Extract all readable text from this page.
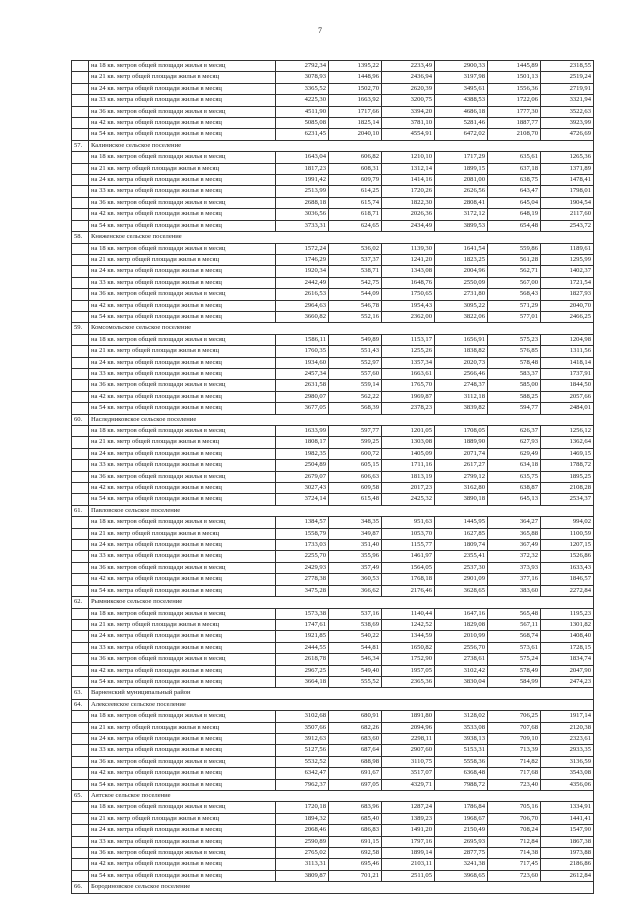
7
	на 18 кв. метров общей площади жилья в месяц	2792,34	1395,22	2233,49	2900,33	1445,89	2318,55
	на 21 кв. метр общей площади жилья в месяц	3078,93	1448,96	2436,94	3197,98	1501,13	2519,24
	на 24 кв. метра общей площади жилья в месяц	3365,52	1502,70	2620,39	3495,61	1556,36	2719,91
	на 33 кв. метра общей площади жилья в месяц	4225,30	1663,92	3200,75	4388,53	1722,06	3321,94
	на 36 кв. метров общей площади жилья в месяц	4511,90	1717,66	3394,20	4686,18	1777,30	3522,63
	на 42 кв. метра общей площади жилья в месяц	5085,08	1825,14	3781,10	5281,46	1887,77	3923,99
	на 54 кв. метра общей площади жилья в месяц	6231,45	2040,10	4554,91	6472,02	2108,70	4726,69
57.	Калиниское сельское поселение						
	на 18 кв. метров общей площади жилья в месяц	1643,04	606,82	1210,10	1717,29	635,61	1265,36
	на 21 кв. метр общей площади жилья в месяц	1817,23	608,31	1312,14	1899,15	637,18	1371,89
	на 24 кв. метра общей площади жилья в месяц	1991,42	609,79	1414,16	2081,00	638,75	1478,41
	на 33 кв. метра общей площади жилья в месяц	2513,99	614,25	1720,26	2626,56	643,47	1798,01
	на 36 кв. метров общей площади жилья в месяц	2688,18	615,74	1822,30	2808,41	645,04	1904,54
	на 42 кв. метра общей площади жилья в месяц	3036,56	618,71	2026,36	3172,12	648,19	2117,60
	на 54 кв. метра общей площади жилья в месяц	3733,31	624,65	2434,49	3899,53	654,48	2543,72
58.	Княженское сельское поселение						
	на 18 кв. метров общей площади жилья в месяц	1572,24	536,02	1139,30	1641,54	559,86	1189,61
	на 21 кв. метр общей площади жилья в месяц	1746,29	537,37	1241,20	1823,25	561,28	1295,99
	на 24 кв. метра общей площади жилья в месяц	1920,34	538,71	1343,08	2004,96	562,71	1402,37
	на 33 кв. метра общей площади жилья в месяц	2442,49	542,75	1648,76	2550,09	567,00	1721,54
	на 36 кв. метров общей площади жилья в месяц	2616,53	544,09	1750,65	2731,80	568,43	1827,93
	на 42 кв. метра общей площади жилья в месяц	2964,63	546,78	1954,43	3095,22	571,29	2040,70
	на 54 кв. метра общей площади жилья в месяц	3660,82	552,16	2362,00	3822,06	577,01	2466,25
59.	Комсомольское сельское поселение						
	на 18 кв. метров общей площади жилья в месяц	1586,11	549,89	1153,17	1656,91	575,23	1204,98
	на 21 кв. метр общей площади жилья в месяц	1760,35	551,43	1255,26	1838,82	576,85	1311,56
	на 24 кв. метра общей площади жилья в месяц	1934,60	552,97	1357,34	2020,73	578,48	1418,14
	на 33 кв. метра общей площади жилья в месяц	2457,34	557,60	1663,61	2566,46	583,37	1737,91
	на 36 кв. метров общей площади жилья в месяц	2631,58	559,14	1765,70	2748,37	585,00	1844,50
	на 42 кв. метра общей площади жилья в месяц	2980,07	562,22	1969,87	3112,18	588,25	2057,66
	на 54 кв. метра общей площади жилья в месяц	3677,05	568,39	2378,23	3839,82	594,77	2484,01
60.	Наследниковское сельское поселение						
	на 18 кв. метров общей площади жилья в месяц	1633,99	597,77	1201,05	1708,05	626,37	1256,12
	на 21 кв. метр общей площади жилья в месяц	1808,17	599,25	1303,08	1889,90	627,93	1362,64
	на 24 кв. метра общей площади жилья в месяц	1982,35	600,72	1405,09	2071,74	629,49	1469,15
	на 33 кв. метра общей площади жилья в месяц	2504,89	605,15	1711,16	2617,27	634,18	1788,72
	на 36 кв. метров общей площади жилья в месяц	2679,07	606,63	1813,19	2799,12	635,75	1895,25
	на 42 кв. метра общей площади жилья в месяц	3027,43	609,58	2017,23	3162,80	638,87	2108,28
	на 54 кв. метра общей площади жилья в месяц	3724,14	615,48	2425,32	3890,18	645,13	2534,37
61.	Павловское сельское поселение						
	на 18 кв. метров общей площади жилья в месяц	1384,57	348,35	951,63	1445,95	364,27	994,02
	на 21 кв. метр общей площади жилья в месяц	1558,79	349,87	1053,70	1627,85	365,88	1100,59
	на 24 кв. метра общей площади жилья в месяц	1733,03	351,40	1155,77	1809,74	367,49	1207,15
	на 33 кв. метра общей площади жилья в месяц	2255,70	355,96	1461,97	2355,41	372,32	1526,86
	на 36 кв. метров общей площади жилья в месяц	2429,93	357,49	1564,05	2537,30	373,93	1633,43
	на 42 кв. метра общей площади жилья в месяц	2778,38	360,53	1768,18	2901,09	377,16	1846,57
	на 54 кв. метра общей площади жилья в месяц	3475,28	366,62	2176,46	3628,65	383,60	2272,84
62.	Рымникское сельское поселение						
	на 18 кв. метров общей площади жилья в месяц	1573,38	537,16	1140,44	1647,16	565,48	1195,23
	на 21 кв. метр общей площади жилья в месяц	1747,61	538,69	1242,52	1829,08	567,11	1301,82
	на 24 кв. метра общей площади жилья в месяц	1921,85	540,22	1344,59	2010,99	568,74	1408,40
	на 33 кв. метра общей площади жилья в месяц	2444,55	544,81	1650,82	2556,70	573,61	1728,15
	на 36 кв. метров общей площади жилья в месяц	2618,78	546,34	1752,90	2738,61	575,24	1834,74
	на 42 кв. метра общей площади жилья в месяц	2967,25	549,40	1957,05	3102,42	578,49	2047,90
	на 54 кв. метра общей площади жилья в месяц	3664,18	555,52	2365,36	3830,04	584,99	2474,23
63.	Варненский муниципальный район						
64.	Алексеевское сельское поселение						
	на 18 кв. метров общей площади жилья в месяц	3102,68	680,91	1891,80	3128,02	706,25	1917,14
	на 21 кв. метр общей площади жилья в месяц	3507,66	682,26	2094,96	3533,08	707,68	2120,38
	на 24 кв. метра общей площади жилья в месяц	3912,63	683,60	2298,11	3938,13	709,10	2323,61
	на 33 кв. метра общей площади жилья в месяц	5127,56	687,64	2907,60	5153,31	713,39	2933,35
	на 36 кв. метров общей площади жилья в месяц	5532,52	688,98	3110,75	5558,36	714,82	3136,59
	на 42 кв. метра общей площади жилья в месяц	6342,47	691,67	3517,07	6368,48	717,68	3543,08
	на 54 кв. метра общей площади жилья в месяц	7962,37	697,05	4329,71	7988,72	723,40	4356,06
65.	Аятское сельское поселение						
	на 18 кв. метров общей площади жилья в месяц	1720,18	683,96	1287,24	1786,84	705,16	1334,91
	на 21 кв. метр общей площади жилья в месяц	1894,32	685,40	1389,23	1968,67	706,70	1441,41
	на 24 кв. метра общей площади жилья в месяц	2068,46	686,83	1491,20	2150,49	708,24	1547,90
	на 33 кв. метра общей площади жилья в месяц	2590,89	691,15	1797,16	2695,93	712,84	1867,38
	на 36 кв. метров общей площади жилья в месяц	2765,02	692,58	1899,14	2877,75	714,38	1973,88
	на 42 кв. метра общей площади жилья в месяц	3113,31	695,46	2103,11	3241,38	717,45	2186,86
	на 54 кв. метра общей площади жилья в месяц	3809,87	701,21	2511,05	3968,65	723,60	2612,84
66.	Бородиновское сельское поселение						
